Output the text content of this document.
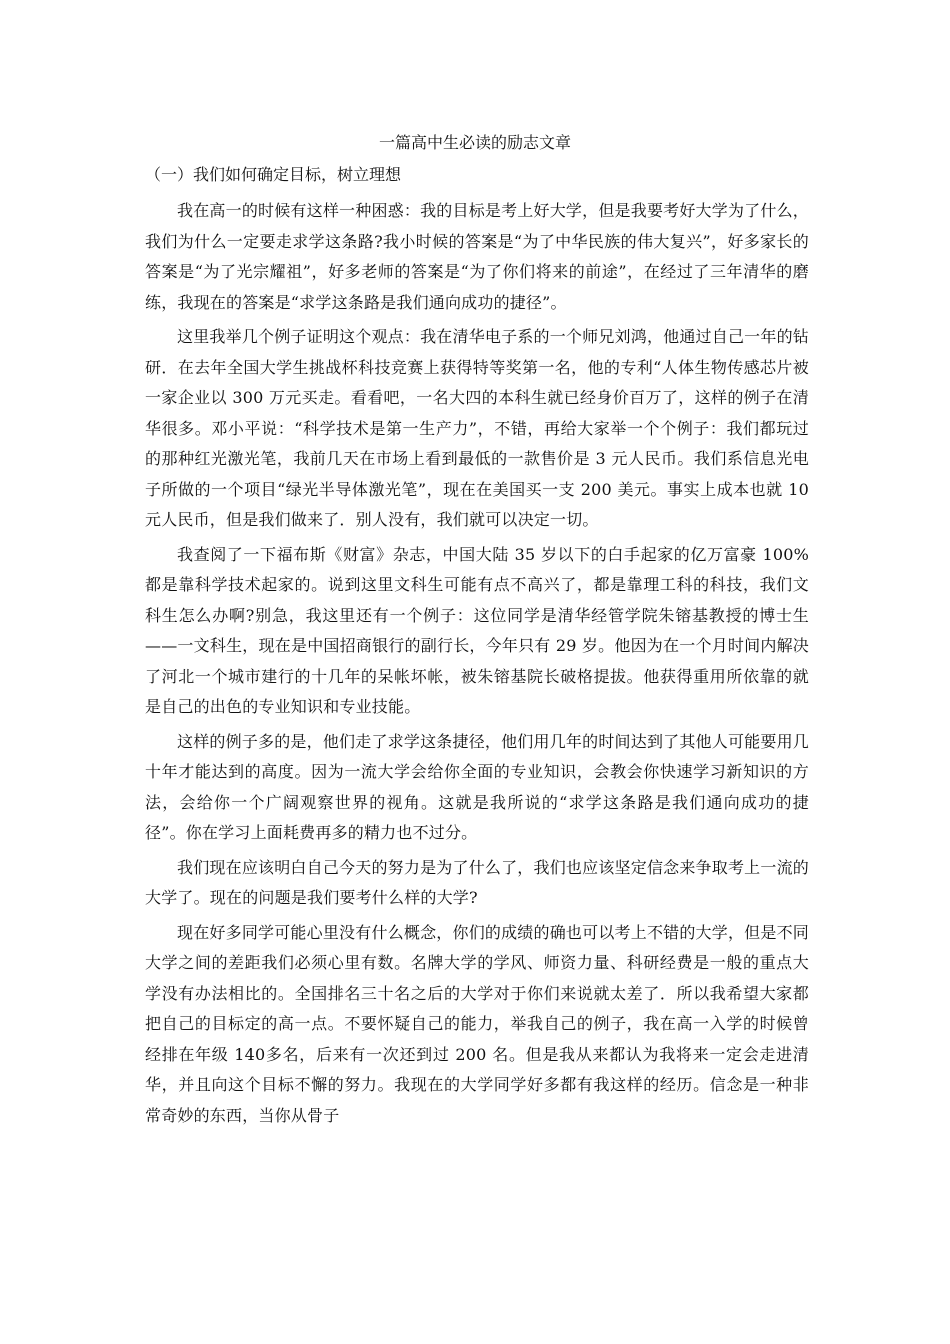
一篇高中生必读的励志文章

（一）我们如何确定目标，树立理想

我在高一的时候有这样一种困惑：我的目标是考上好大学，但是我要考好大学为了什么，我们为什么一定要走求学这条路?我小时候的答案是“为了中华民族的伟大复兴”，好多家长的答案是“为了光宗耀祖”，好多老师的答案是“为了你们将来的前途”，在经过了三年清华的磨练，我现在的答案是“求学这条路是我们通向成功的捷径”。

这里我举几个例子证明这个观点：我在清华电子系的一个师兄刘鸿，他通过自己一年的钻研．在去年全国大学生挑战杯科技竞赛上获得特等奖第一名，他的专利“人体生物传感芯片被一家企业以 300 万元买走。看看吧，一名大四的本科生就已经身价百万了，这样的例子在清华很多。邓小平说：“科学技术是第一生产力”，不错，再给大家举一个个例子：我们都玩过的那种红光激光笔，我前几天在市场上看到最低的一款售价是 3 元人民币。我们系信息光电子所做的一个项目“绿光半导体激光笔”，现在在美国买一支 200 美元。事实上成本也就 10 元人民币，但是我们做来了．别人没有，我们就可以决定一切。

我查阅了一下福布斯《财富》杂志，中国大陆 35 岁以下的白手起家的亿万富豪 100%都是靠科学技术起家的。说到这里文科生可能有点不高兴了，都是靠理工科的科技，我们文科生怎么办啊?别急，我这里还有一个例子：这位同学是清华经管学院朱镕基教授的博士生——一文科生，现在是中国招商银行的副行长，今年只有 29 岁。他因为在一个月时间内解决了河北一个城市建行的十几年的呆帐坏帐，被朱镕基院长破格提拔。他获得重用所依靠的就是自己的出色的专业知识和专业技能。

这样的例子多的是，他们走了求学这条捷径，他们用几年的时间达到了其他人可能要用几十年才能达到的高度。因为一流大学会给你全面的专业知识，会教会你快速学习新知识的方法，会给你一个广阔观察世界的视角。这就是我所说的“求学这条路是我们通向成功的捷径”。你在学习上面耗费再多的精力也不过分。

我们现在应该明白自己今天的努力是为了什么了，我们也应该坚定信念来争取考上一流的大学了。现在的问题是我们要考什么样的大学?

现在好多同学可能心里没有什么概念，你们的成绩的确也可以考上不错的大学，但是不同大学之间的差距我们必须心里有数。名牌大学的学风、师资力量、科研经费是一般的重点大学没有办法相比的。全国排名三十名之后的大学对于你们来说就太差了．所以我希望大家都把自己的目标定的高一点。不要怀疑自己的能力，举我自己的例子，我在高一入学的时候曾经排在年级 140多名，后来有一次还到过 200 名。但是我从来都认为我将来一定会走进清华，并且向这个目标不懈的努力。我现在的大学同学好多都有我这样的经历。信念是一种非常奇妙的东西，当你从骨子
